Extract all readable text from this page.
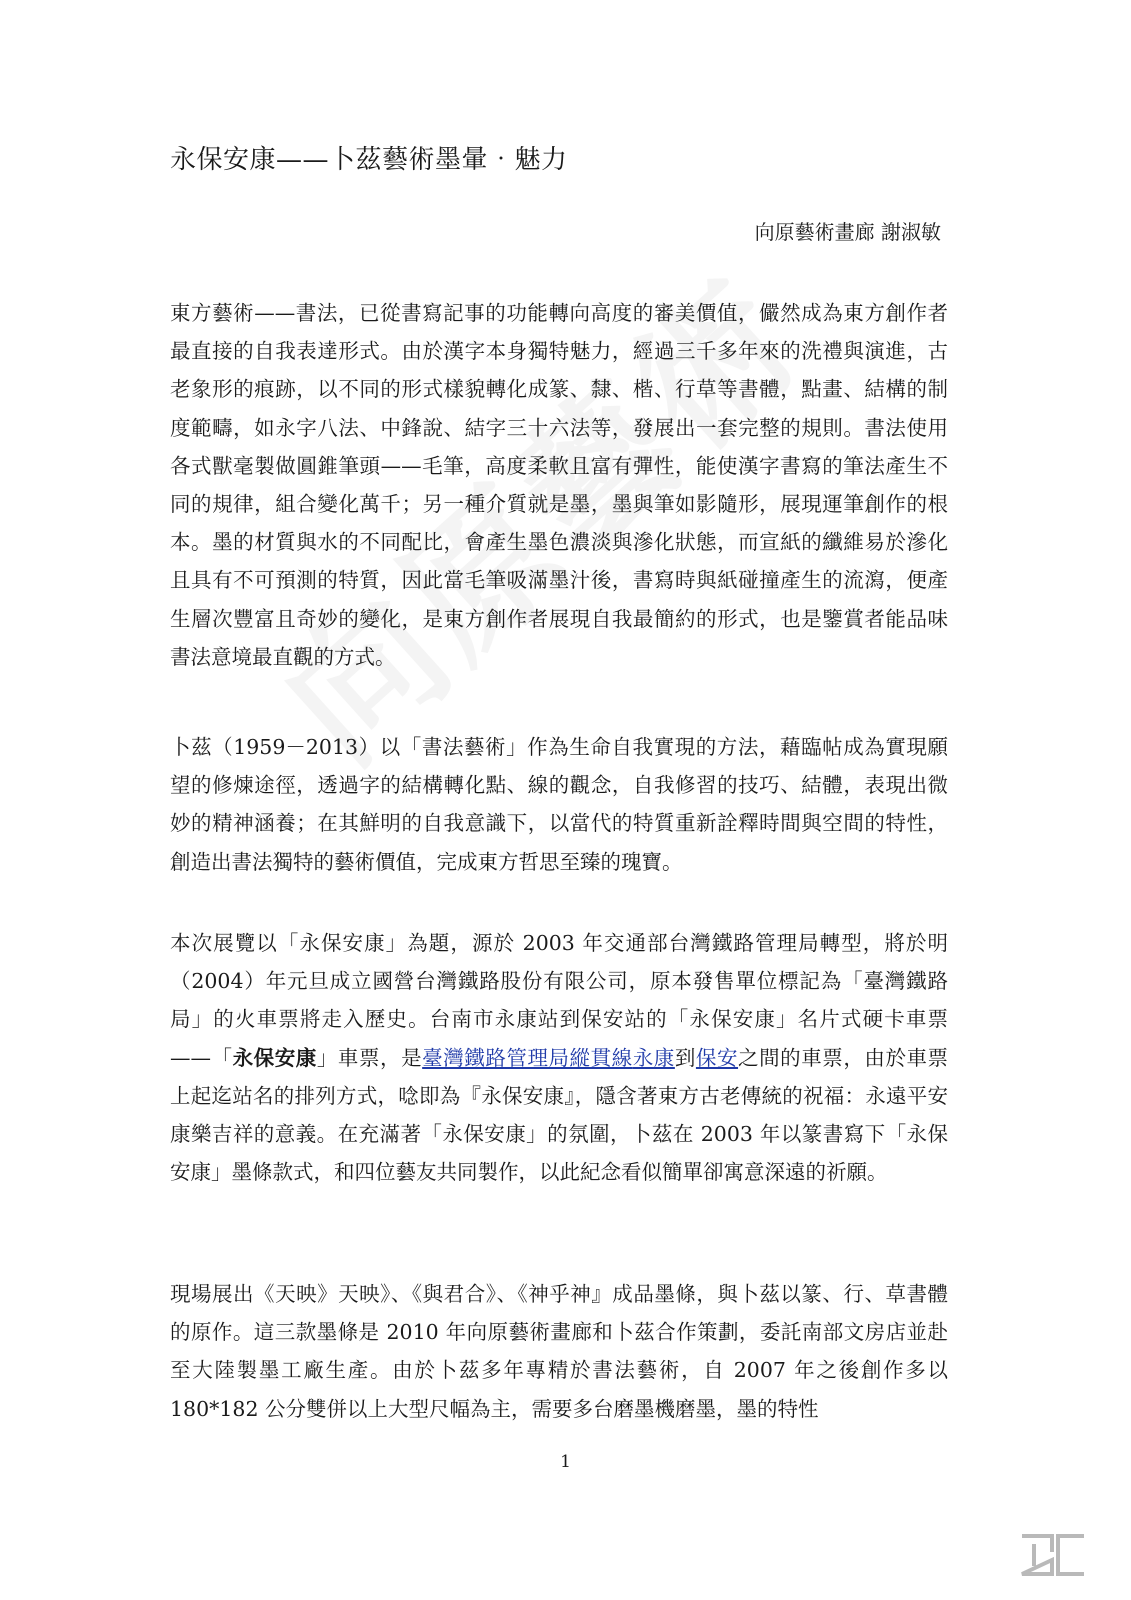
永保安康——卜茲藝術墨暈‧魅力

向原藝術畫廊 謝淑敏

東方藝術——書法，已從書寫記事的功能轉向高度的審美價值，儼然成為東方創作者最直接的自我表達形式。由於漢字本身獨特魅力，經過三千多年來的洗禮與演進，古老象形的痕跡，以不同的形式樣貌轉化成篆、隸、楷、行草等書體，點畫、結構的制度範疇，如永字八法、中鋒說、結字三十六法等，發展出一套完整的規則。書法使用各式獸毫製做圓錐筆頭——毛筆，高度柔軟且富有彈性，能使漢字書寫的筆法產生不同的規律，組合變化萬千；另一種介質就是墨，墨與筆如影隨形，展現運筆創作的根本。墨的材質與水的不同配比，會產生墨色濃淡與滲化狀態，而宣紙的纖維易於滲化且具有不可預測的特質，因此當毛筆吸滿墨汁後，書寫時與紙碰撞產生的流瀉，便產生層次豐富且奇妙的變化，是東方創作者展現自我最簡約的形式，也是鑒賞者能品味書法意境最直觀的方式。

卜茲（1959－2013）以「書法藝術」作為生命自我實現的方法，藉臨帖成為實現願望的修煉途徑，透過字的結構轉化點、線的觀念，自我修習的技巧、結體，表現出微妙的精神涵養；在其鮮明的自我意識下，以當代的特質重新詮釋時間與空間的特性，創造出書法獨特的藝術價值，完成東方哲思至臻的瑰寶。

本次展覽以「永保安康」為題，源於 2003 年交通部台灣鐵路管理局轉型，將於明（2004）年元旦成立國營台灣鐵路股份有限公司，原本發售單位標記為「臺灣鐵路局」的火車票將走入歷史。台南市永康站到保安站的「永保安康」名片式硬卡車票——「永保安康」車票，是臺灣鐵路管理局縱貫線永康到保安之間的車票，由於車票上起迄站名的排列方式，唸即為『永保安康』，隱含著東方古老傳統的祝福：永遠平安康樂吉祥的意義。在充滿著「永保安康」的氛圍，卜茲在 2003 年以篆書寫下「永保安康」墨條款式，和四位藝友共同製作，以此紀念看似簡單卻寓意深遠的祈願。

現場展出《天映》天映》、《與君合》、《神乎神』成品墨條，與卜茲以篆、行、草書體的原作。這三款墨條是 2010 年向原藝術畫廊和卜茲合作策劃，委託南部文房店並赴至大陸製墨工廠生產。由於卜茲多年專精於書法藝術，自 2007 年之後創作多以 180*182 公分雙併以上大型尺幅為主，需要多台磨墨機磨墨，墨的特性

1
